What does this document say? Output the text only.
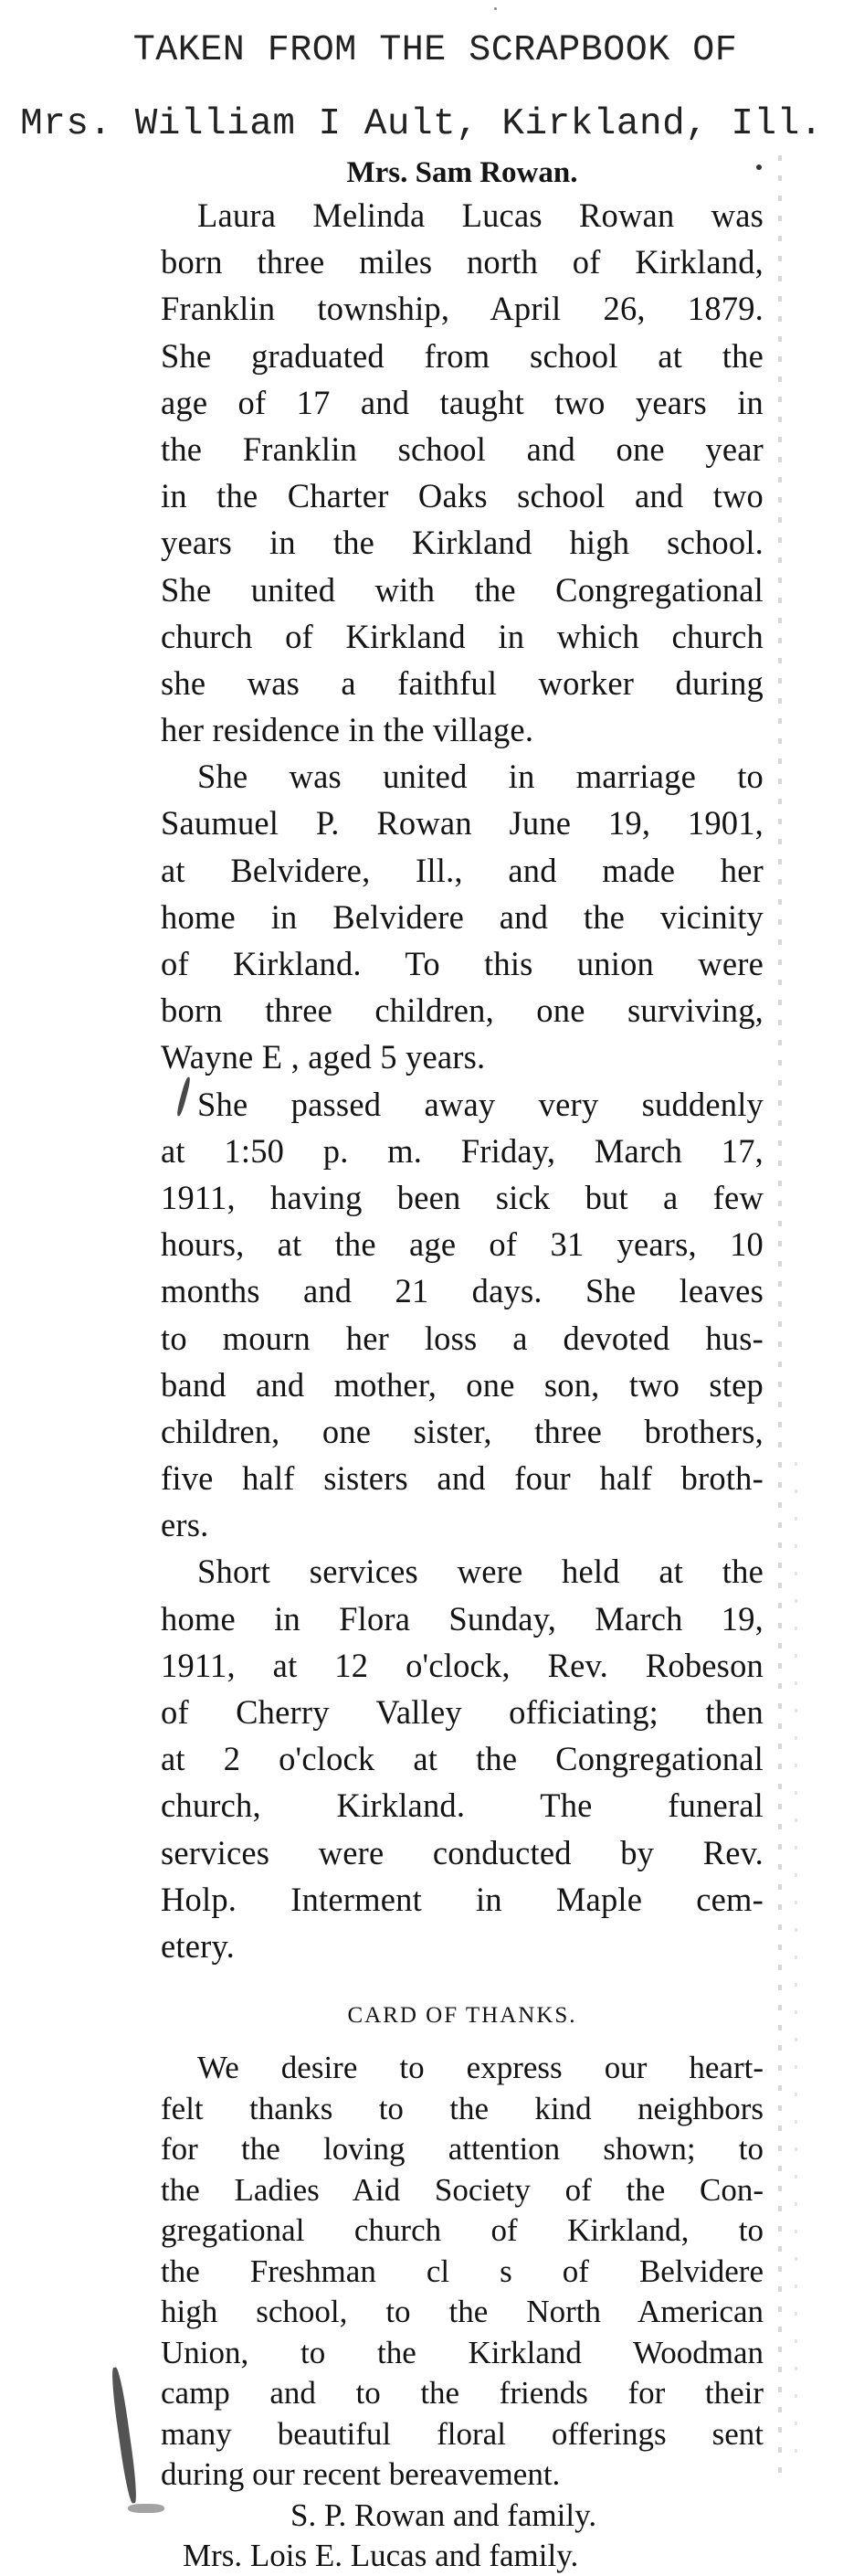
TAKEN FROM THE SCRAPBOOK OF
Mrs. William I Ault, Kirkland, Ill.
Mrs. Sam Rowan.
Laura Melinda Lucas Rowan was
born three miles north of Kirkland,
Franklin township, April 26, 1879.
She graduated from school at the
age of 17 and taught two years in
the Franklin school and one year
in the Charter Oaks school and two
years in the Kirkland high school.
She united with the Congregational
church of Kirkland in which church
she was a faithful worker during
her residence in the village.
She was united in marriage to
Saumuel P. Rowan June 19, 1901,
at Belvidere, Ill., and made her
home in Belvidere and the vicinity
of Kirkland. To this union were
born three children, one surviving,
Wayne E , aged 5 years.
She passed away very suddenly
at 1:50 p. m. Friday, March 17,
1911, having been sick but a few
hours, at the age of 31 years, 10
months and 21 days. She leaves
to mourn her loss a devoted hus-
band and mother, one son, two step
children, one sister, three brothers,
five half sisters and four half broth-
ers.
Short services were held at the
home in Flora Sunday, March 19,
1911, at 12 o'clock, Rev. Robeson
of Cherry Valley officiating; then
at 2 o'clock at the Congregational
church, Kirkland. The funeral
services were conducted by Rev.
Holp. Interment in Maple cem-
etery.
CARD OF THANKS.
We desire to express our heart-
felt thanks to the kind neighbors
for the loving attention shown; to
the Ladies Aid Society of the Con-
gregational church of Kirkland, to
the Freshman cl s of Belvidere
high school, to the North American
Union, to the Kirkland Woodman
camp and to the friends for their
many beautiful floral offerings sent
during our recent bereavement.
S. P. Rowan and family.
Mrs. Lois E. Lucas and family.
